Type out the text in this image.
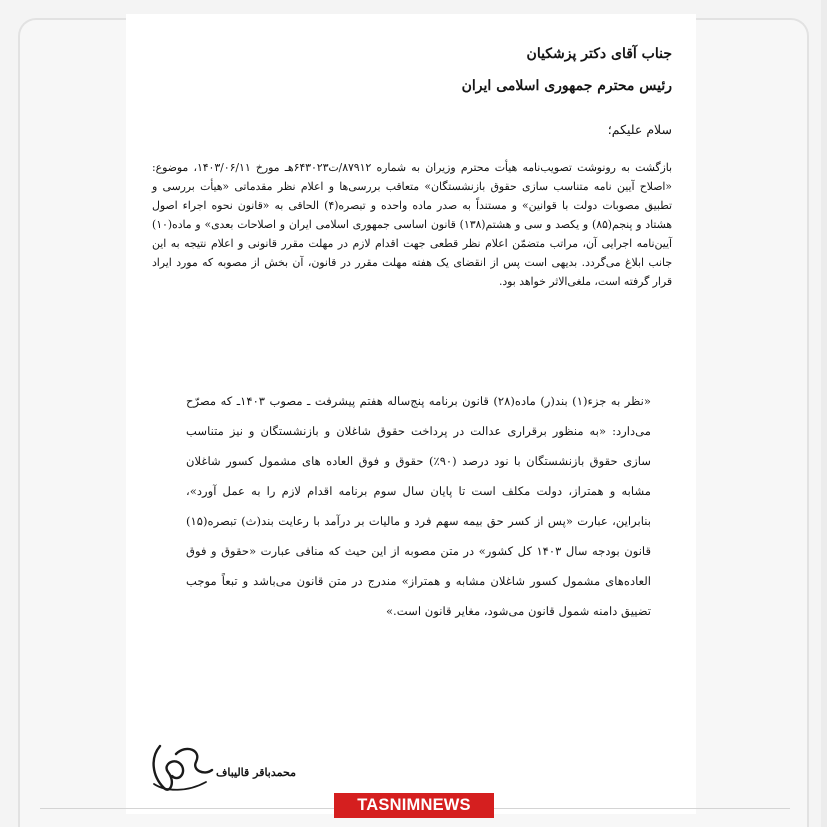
جناب آقای دکتر پزشکیان
رئیس محترم جمهوری اسلامی ایران

سلام علیکم؛

بازگشت به رونوشت تصویب‌نامه هیأت محترم وزیران به شماره ۸۷۹۱۲/ت۶۴۳۰۲۳هـ مورخ ۱۴۰۳/۰۶/۱۱، موضوع: «اصلاح آیین نامه متناسب سازی حقوق بازنشستگان» متعاقب بررسی‌ها و اعلام نظر مقدماتی «هیأت بررسی و تطبیق مصوبات دولت با قوانین» و مستنداً به صدر ماده واحده و تبصره(۴) الحاقی به «قانون نحوه اجراء اصول هشتاد و پنجم(۸۵) و یکصد و سی و هشتم(۱۳۸) قانون اساسی جمهوری اسلامی ایران و اصلاحات بعدی» و ماده(۱۰) آیین‌نامه اجرایی آن، مراتب متضمّن اعلام نظر قطعی جهت اقدام لازم در مهلت مقرر قانونی و اعلام نتیجه به این جانب ابلاغ می‌گردد. بدیهی است پس از انقضای یک هفته مهلت مقرر در قانون، آن بخش از مصوبه که مورد ایراد قرار گرفته است، ملغی‌الاثر خواهد بود.

«نظر به جزء(۱) بند(ر) ماده(۲۸) قانون برنامه پنج‌ساله هفتم پیشرفت ـ مصوب ۱۴۰۳ـ که مصرّح می‌دارد: «به منظور برقراری عدالت در پرداخت حقوق شاغلان و بازنشستگان و نیز متناسب سازی حقوق بازنشستگان با نود درصد (۹۰٪) حقوق و فوق العاده های مشمول کسور شاغلان مشابه و همتراز، دولت مکلف است تا پایان سال سوم برنامه اقدام لازم را به عمل آورد»، بنابراین، عبارت «پس از کسر حق بیمه سهم فرد و مالیات بر درآمد با رعایت بند(ث) تبصره(۱۵) قانون بودجه سال ۱۴۰۳ کل کشور» در متن مصوبه از این حیث که منافی عبارت «حقوق و فوق العاده‌های مشمول کسور شاغلان مشابه و همتراز» مندرج در متن قانون می‌باشد و تبعاً موجب تضییق دامنه شمول قانون می‌شود، مغایر قانون است.»

محمدباقر قالیباف
TASNIMNEWS
